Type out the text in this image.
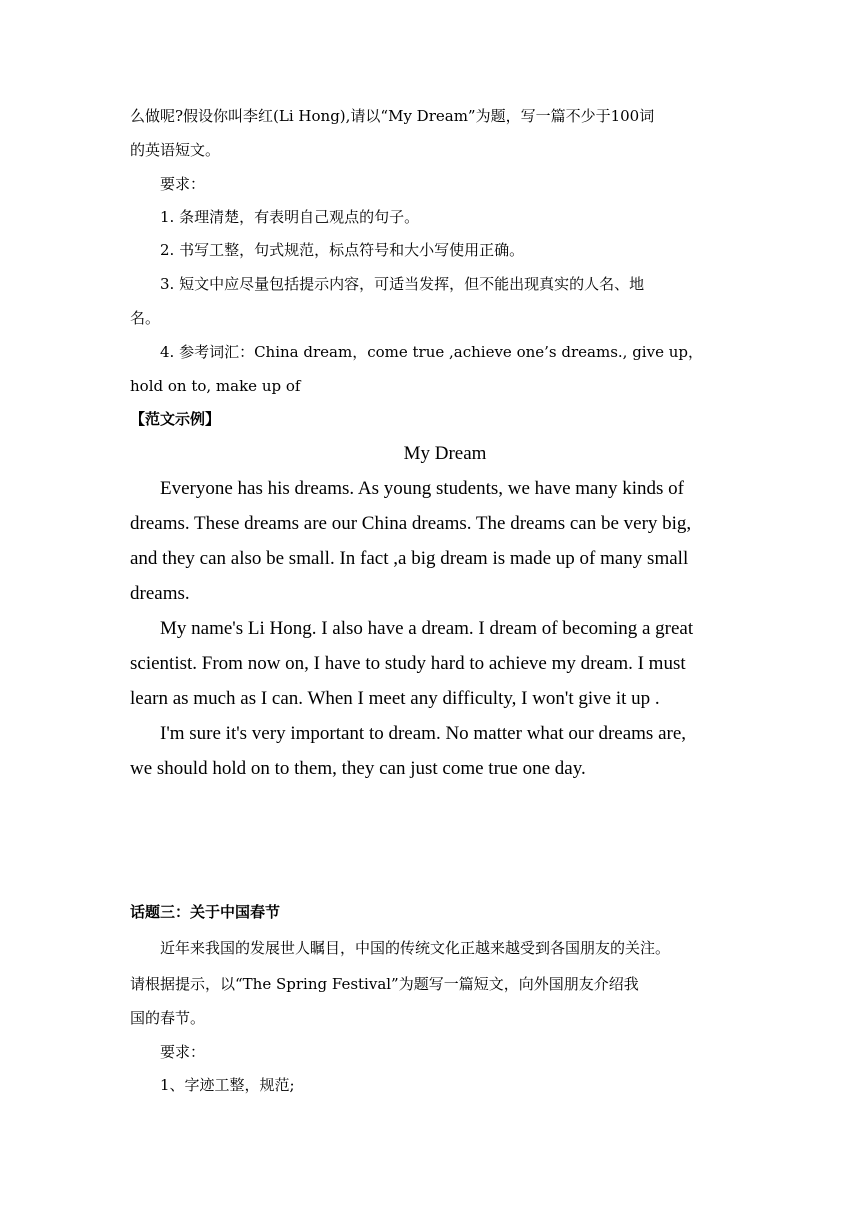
么做呢?假设你叫李红(Li Hong),请以“My Dream”为题，写一篇不少于100词
的英语短文。
要求：
1. 条理清楚，有表明自己观点的句子。
2. 书写工整，句式规范，标点符号和大小写使用正确。
3. 短文中应尽量包括提示内容，可适当发挥，但不能出现真实的人名、地
名。
4. 参考词汇：China dream，come true ,achieve one’s dreams., give up，
hold on to, make up of
【范文示例】
My Dream
Everyone has his dreams. As young students, we have many kinds of
dreams. These dreams are our China dreams. The dreams can be very big,
and they can also be small. In fact ,a big dream is made up of many small
dreams.
My name's Li Hong. I also have a dream. I dream of becoming a great
scientist. From now on, I have to study hard to achieve my dream. I must
learn as much as I can. When I meet any difficulty, I won't give it up .
I'm sure it's very important to dream. No matter what our dreams are,
we should hold on to them, they can just come true one day.
话题三：关于中国春节
近年来我国的发展世人瞩目，中国的传统文化正越来越受到各国朋友的关注。
请根据提示，以“The Spring Festival”为题写一篇短文，向外国朋友介绍我
国的春节。
要求：
1、字迹工整，规范;
